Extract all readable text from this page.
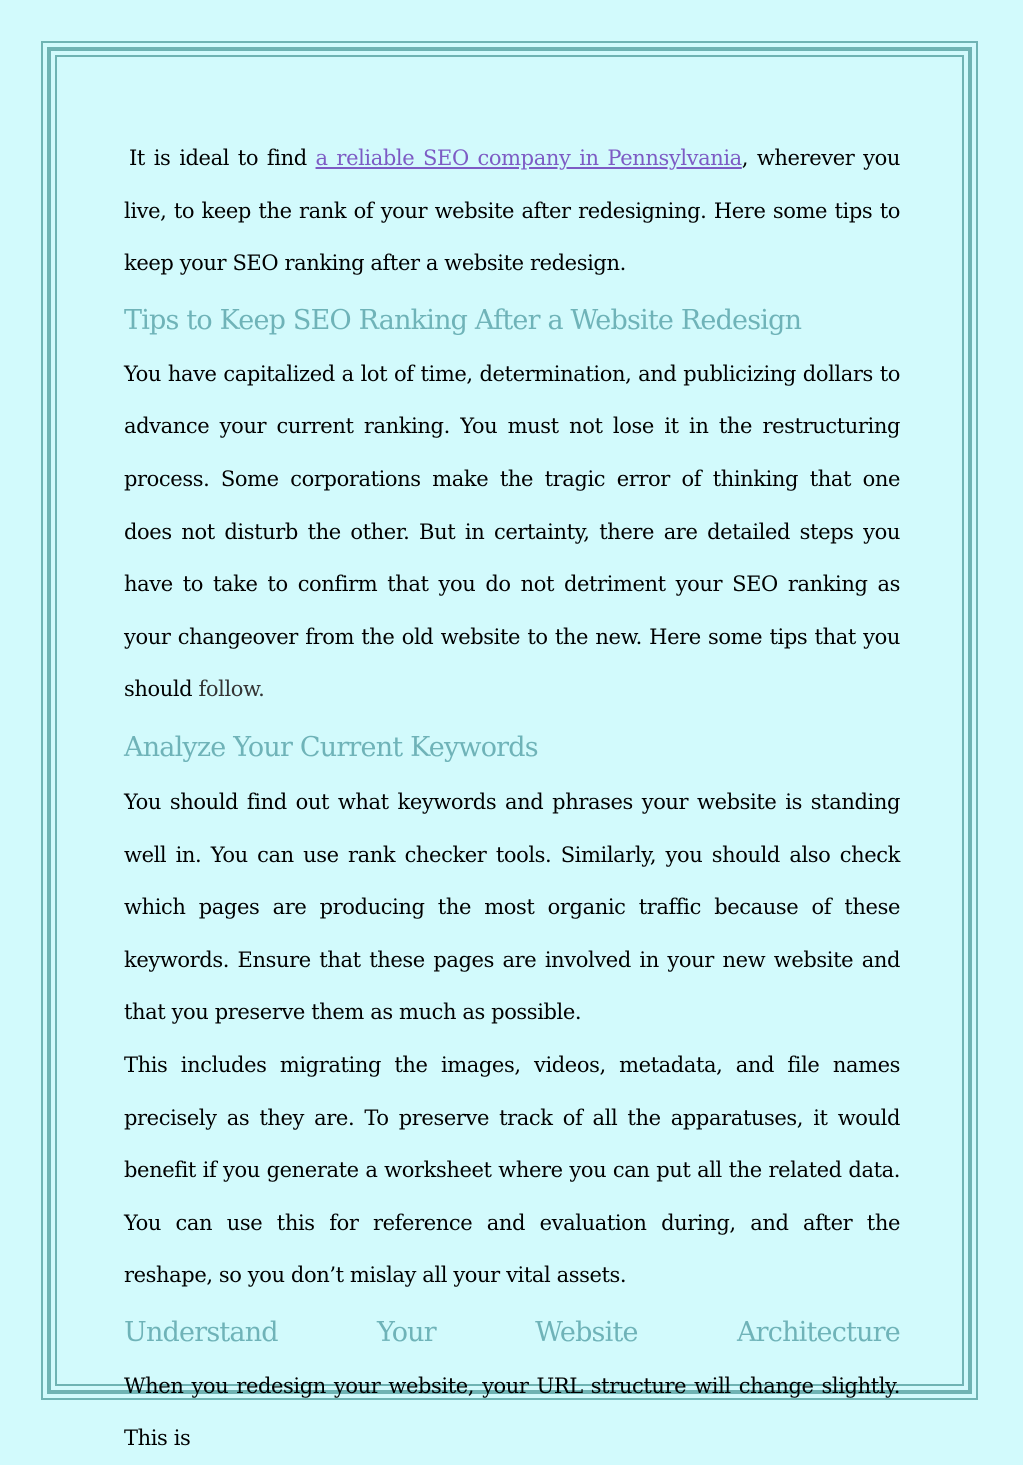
It is ideal to find a reliable SEO company in Pennsylvania, wherever you live, to keep the rank of your website after redesigning. Here some tips to keep your SEO ranking after a website redesign.

Tips to Keep SEO Ranking After a Website Redesign

You have capitalized a lot of time, determination, and publicizing dollars to advance your current ranking. You must not lose it in the restructuring process. Some corporations make the tragic error of thinking that one does not disturb the other. But in certainty, there are detailed steps you have to take to confirm that you do not detriment your SEO ranking as your changeover from the old website to the new. Here some tips that you should follow.

Analyze Your Current Keywords

You should find out what keywords and phrases your website is standing well in. You can use rank checker tools. Similarly, you should also check which pages are producing the most organic traffic because of these keywords. Ensure that these pages are involved in your new website and that you preserve them as much as possible.

This includes migrating the images, videos, metadata, and file names precisely as they are. To preserve track of all the apparatuses, it would benefit if you generate a worksheet where you can put all the related data. You can use this for reference and evaluation during, and after the reshape, so you don’t mislay all your vital assets.

Understand	Your	Website	Architecture

When you redesign your website, your URL structure will change slightly. This is
